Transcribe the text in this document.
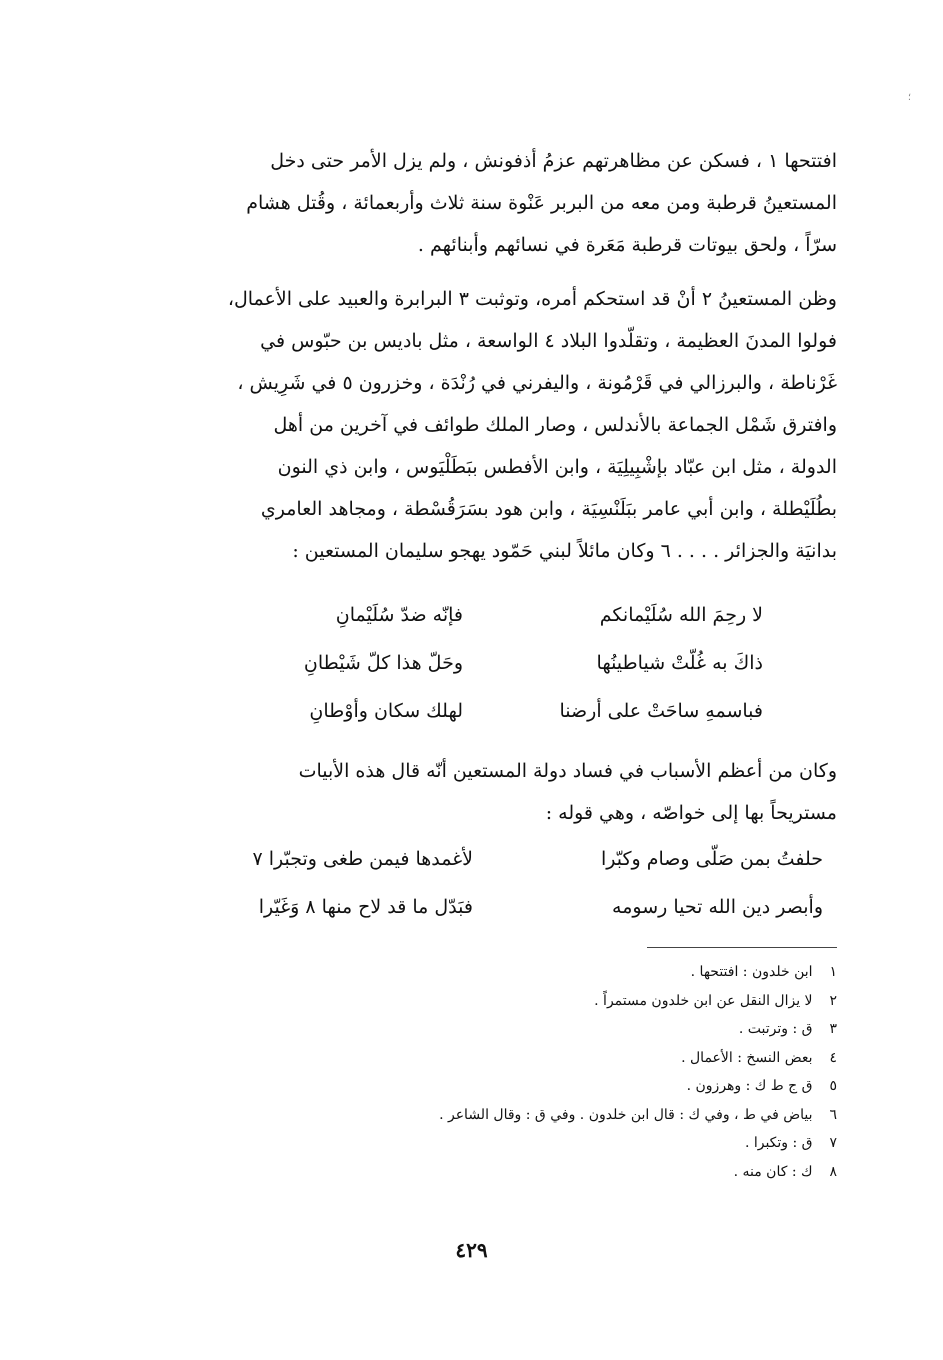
؛
افتتحها ١ ، فسكن عن مظاهرتهم عزمُ أذفونش ، ولم يزل الأمر حتى دخل
المستعينُ قرطبة ومن معه من البربر عَنْوة سنة ثلاث وأربعمائة ، وقُتل هشام
سرّاً ، ولحق بيوتات قرطبة مَعَرة في نسائهم وأبنائهم .
وظن المستعينُ ٢ أنْ قد استحكم أمره، وتوثبت ٣ البرابرة والعبيد على الأعمال،
فولوا المدنَ العظيمة ، وتقلّدوا البلاد ٤ الواسعة ، مثل باديس بن حبّوس في
غَرْناطة ، والبرزالي في قَرْمُونة ، واليفرني في رُنْدَة ، وخزرون ٥ في شَرِيش ،
وافترق شَمْل الجماعة بالأندلس ، وصار الملك طوائف في آخرين من أهل
الدولة ، مثل ابن عبّاد بإشْبِيلِيَة ، وابن الأفطس ببَطَلْيَوس ، وابن ذي النون
بطُلَيْطلة ، وابن أبي عامر ببَلَنْسِيَة ، وابن هود بسَرَقُسْطة ، ومجاهد العامري
بدانيَة والجزائر . . . . ٦ وكان مائلاً لبني حَمّود يهجو سليمان المستعين :
لا رحِمَ الله سُلَيْمانكم
فإنّه ضدّ سُلَيْمانِ
ذاكَ به غُلّتْ شياطينُها
وحَلّ هذا كلّ شَيْطانِ
فباسمهِ ساحَتْ على أرضنا
لهلك سكان وأوْطانِ
وكان من أعظم الأسباب في فساد دولة المستعين أنّه قال هذه الأبيات
مستريحاً بها إلى خواصّه ، وهي قوله :
حلفتُ بمن صَلّى وصام وكبّرا
لأغمدها فيمن طغى وتجبّرا ٧
وأبصر دين الله تحيا رسومه
فبَدّل ما قد لاح منها ٨ وَغَيّرا
١ ابن خلدون : افتتحها .
٢ لا يزال النقل عن ابن خلدون مستمراً .
٣ ق : وترتبت .
٤ بعض النسخ : الأعمال .
٥ ق ج ط ك : وهرزون .
٦ بياض في ط ، وفي ك : قال ابن خلدون . وفي ق : وقال الشاعر .
٧ ق : وتكبرا .
٨ ك : كان منه .
٤٢٩
